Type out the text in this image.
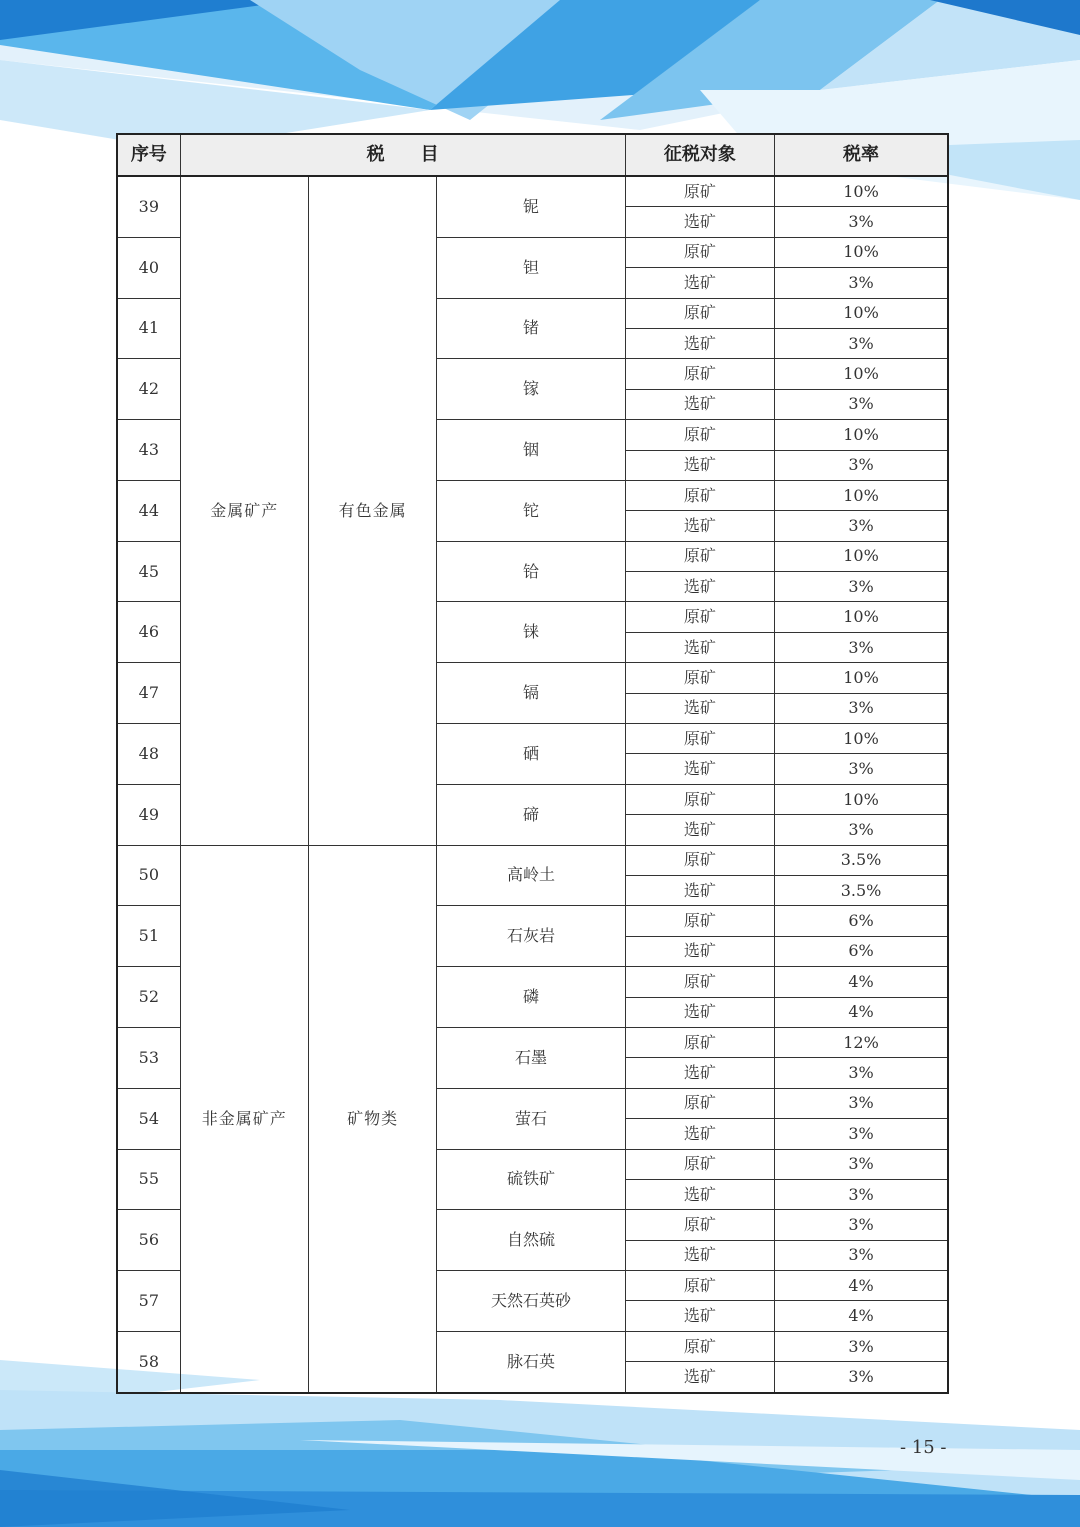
序号	税　　目			征税对象	税率
39	金属矿产	有色金属	铌	原矿	10%
				选矿	3%
40			钽	原矿	10%
				选矿	3%
41			锗	原矿	10%
				选矿	3%
42			镓	原矿	10%
				选矿	3%
43			铟	原矿	10%
				选矿	3%
44			铊	原矿	10%
				选矿	3%
45			铪	原矿	10%
				选矿	3%
46			铼	原矿	10%
				选矿	3%
47			镉	原矿	10%
				选矿	3%
48			硒	原矿	10%
				选矿	3%
49			碲	原矿	10%
				选矿	3%
50	非金属矿产	矿物类	高岭土	原矿	3.5%
				选矿	3.5%
51			石灰岩	原矿	6%
				选矿	6%
52			磷	原矿	4%
				选矿	4%
53			石墨	原矿	12%
				选矿	3%
54			萤石	原矿	3%
				选矿	3%
55			硫铁矿	原矿	3%
				选矿	3%
56			自然硫	原矿	3%
				选矿	3%
57			天然石英砂	原矿	4%
				选矿	4%
58			脉石英	原矿	3%
				选矿	3%
- 15 -
